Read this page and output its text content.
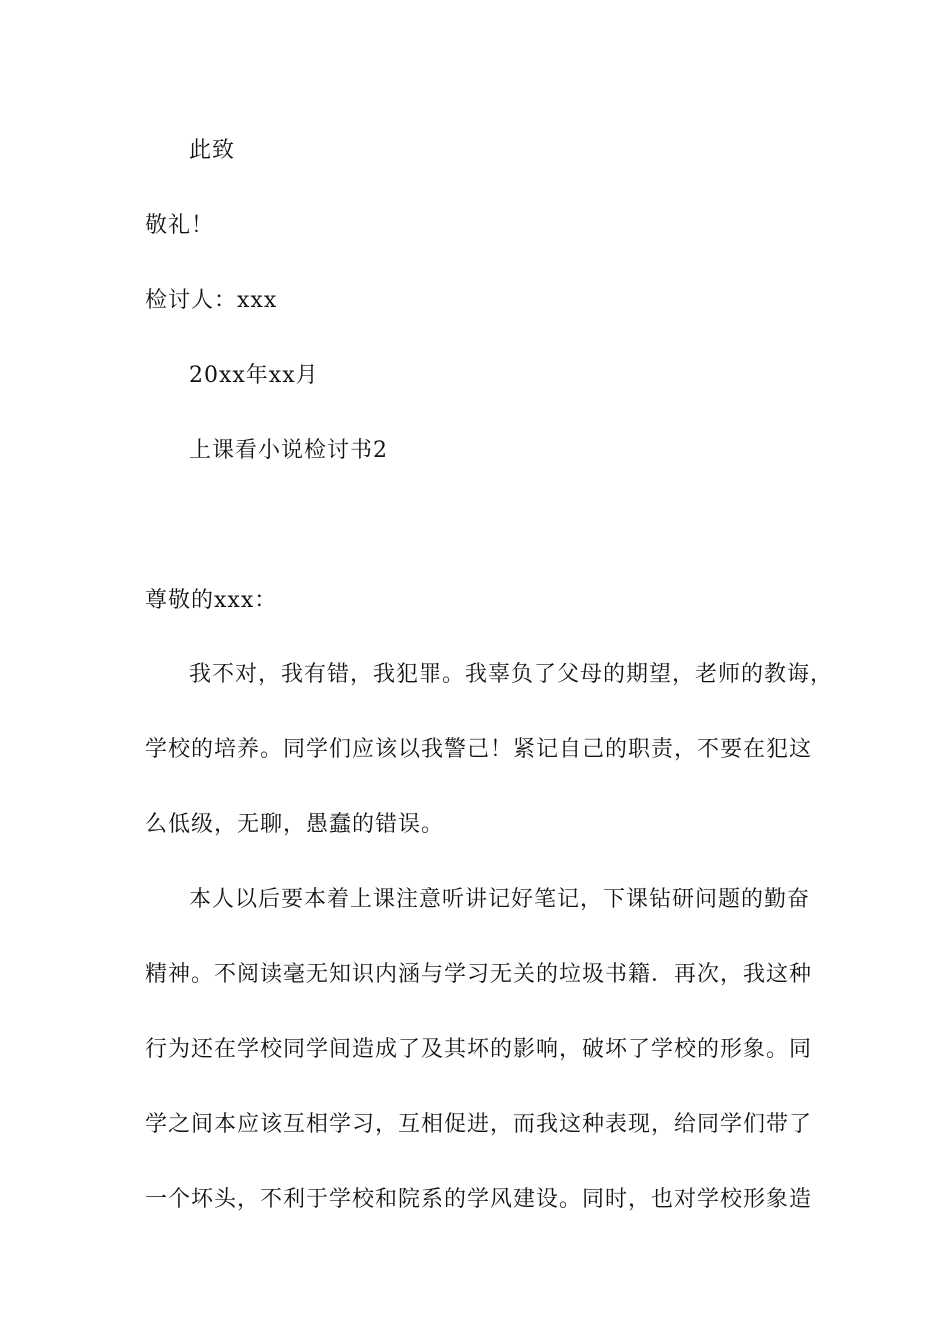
此致
敬礼！
检讨人：xxx
20xx年xx月
上课看小说检讨书2
尊敬的xxx：
我不对，我有错，我犯罪。我辜负了父母的期望，老师的教诲，
学校的培养。同学们应该以我警己！紧记自己的职责，不要在犯这
么低级，无聊，愚蠢的错误。
本人以后要本着上课注意听讲记好笔记，下课钻研问题的勤奋
精神。不阅读毫无知识内涵与学习无关的垃圾书籍．再次，我这种
行为还在学校同学间造成了及其坏的影响，破坏了学校的形象。同
学之间本应该互相学习，互相促进，而我这种表现，给同学们带了
一个坏头，不利于学校和院系的学风建设。同时，也对学校形象造
